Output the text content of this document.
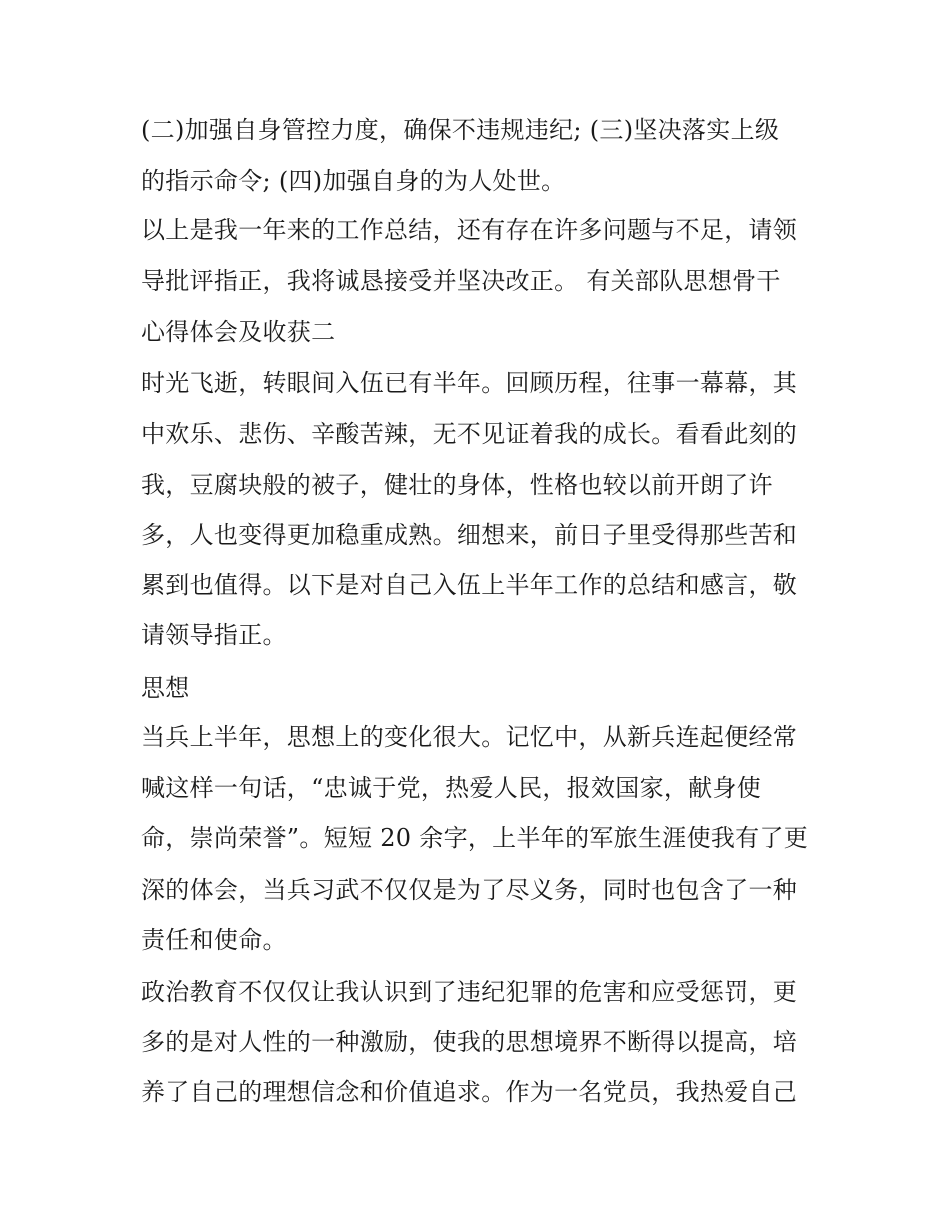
(二)加强自身管控力度，确保不违规违纪; (三)坚决落实上级
的指示命令; (四)加强自身的为人处世。
以上是我一年来的工作总结，还有存在许多问题与不足，请领
导批评指正，我将诚恳接受并坚决改正。 有关部队思想骨干
心得体会及收获二
时光飞逝，转眼间入伍已有半年。回顾历程，往事一幕幕，其
中欢乐、悲伤、辛酸苦辣，无不见证着我的成长。看看此刻的
我，豆腐块般的被子，健壮的身体，性格也较以前开朗了许
多，人也变得更加稳重成熟。细想来，前日子里受得那些苦和
累到也值得。以下是对自己入伍上半年工作的总结和感言，敬
请领导指正。
思想
当兵上半年，思想上的变化很大。记忆中，从新兵连起便经常
喊这样一句话，“忠诚于党，热爱人民，报效国家，献身使
命，崇尚荣誉”。短短 20 余字，上半年的军旅生涯使我有了更
深的体会，当兵习武不仅仅是为了尽义务，同时也包含了一种
责任和使命。
政治教育不仅仅让我认识到了违纪犯罪的危害和应受惩罚，更
多的是对人性的一种激励，使我的思想境界不断得以提高，培
养了自己的理想信念和价值追求。作为一名党员，我热爱自己
